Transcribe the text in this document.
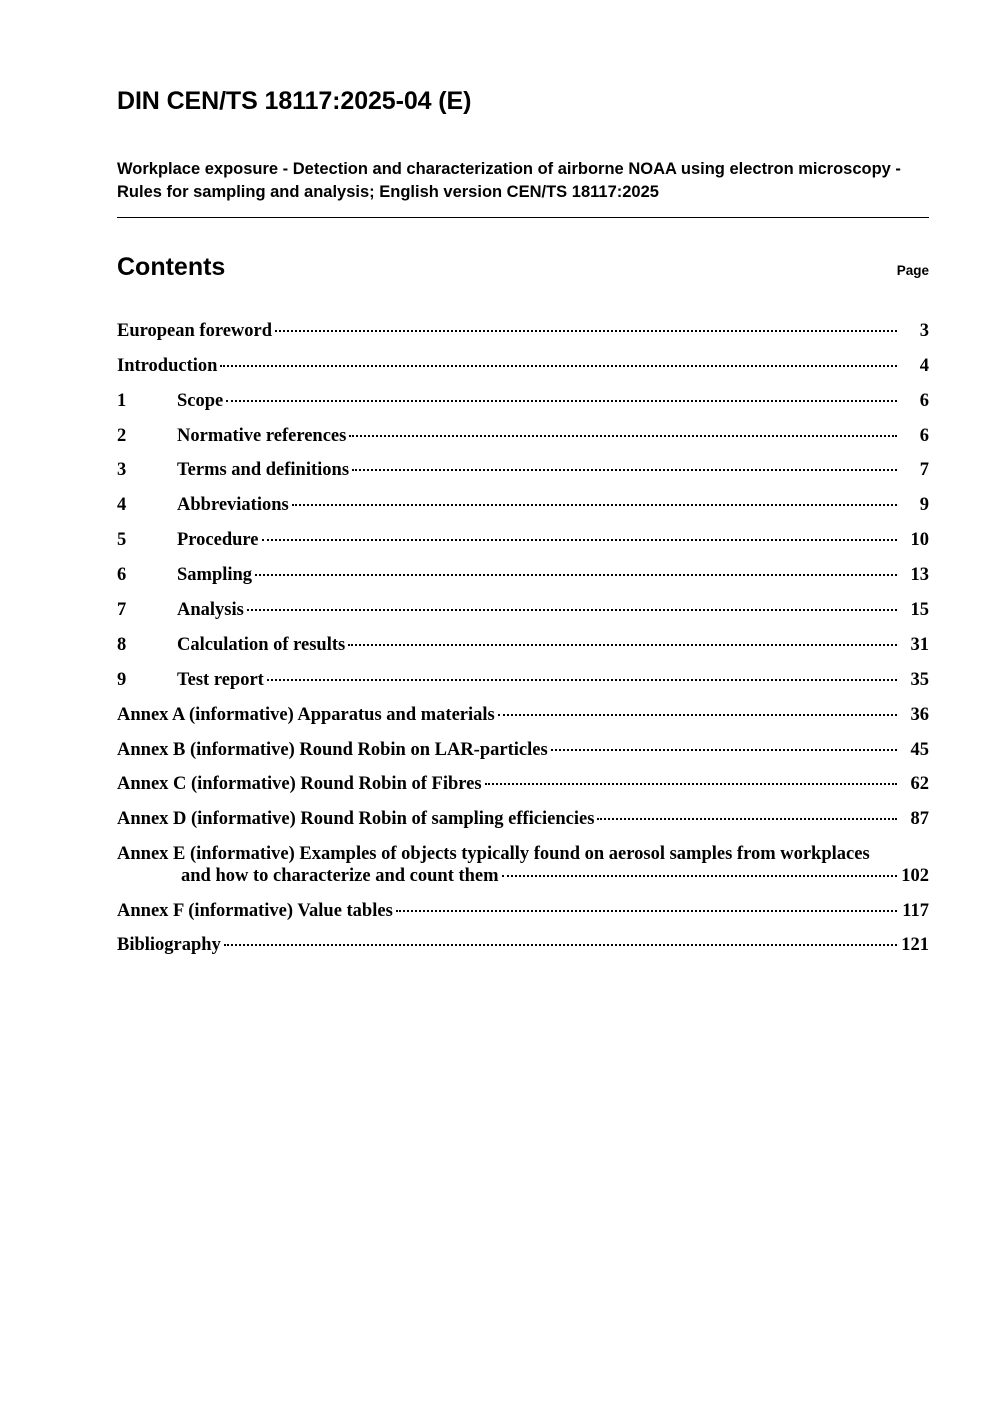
DIN CEN/TS 18117:2025-04 (E)
Workplace exposure - Detection and characterization of airborne NOAA using electron microscopy - Rules for sampling and analysis; English version CEN/TS 18117:2025
Contents	Page
European foreword	3
Introduction	4
1	Scope	6
2	Normative references	6
3	Terms and definitions	7
4	Abbreviations	9
5	Procedure	10
6	Sampling	13
7	Analysis	15
8	Calculation of results	31
9	Test report	35
Annex A (informative) Apparatus and materials	36
Annex B (informative) Round Robin on LAR-particles	45
Annex C (informative) Round Robin of Fibres	62
Annex D (informative) Round Robin of sampling efficiencies	87
Annex E (informative) Examples of objects typically found on aerosol samples from workplaces
and how to characterize and count them	102
Annex F (informative) Value tables	117
Bibliography	121
